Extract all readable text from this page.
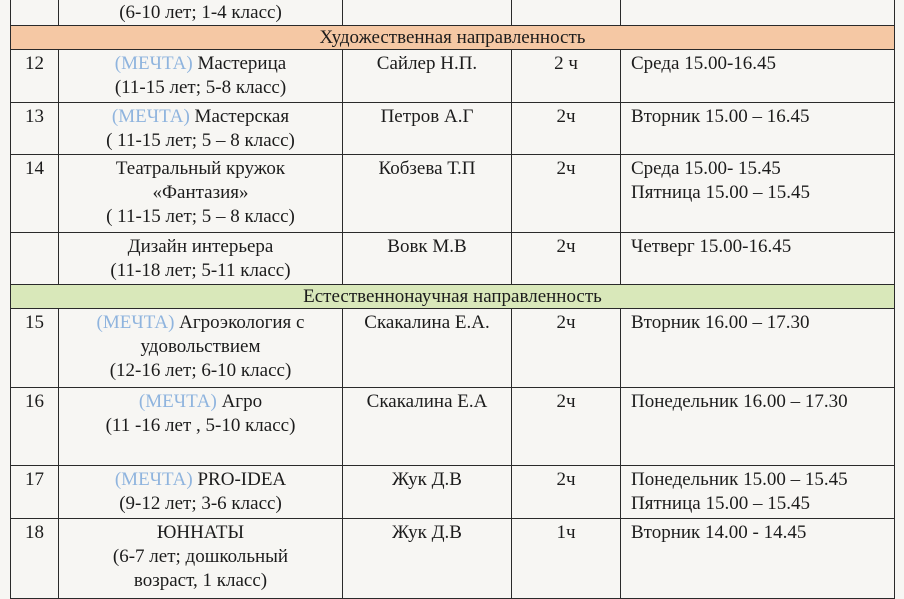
	(6-10 лет; 1-4 класс)			

Художественная направленность				
12	(МЕЧТА) Мастерица
(11-15 лет; 5-8 класс)	Сайлер Н.П.	2 ч	Среда 15.00-16.45

13	(МЕЧТА) Мастерская
( 11-15 лет; 5 – 8 класс)	Петров А.Г	2ч	Вторник 15.00 – 16.45

14	Театральный кружок
«Фантазия»
( 11-15 лет; 5 – 8 класс)	Кобзева Т.П	2ч	Среда 15.00- 15.45
Пятница 15.00 – 15.45

	Дизайн интерьера
(11-18 лет; 5-11 класс)	Вовк М.В	2ч	Четверг 15.00-16.45

Естественнонаучная направленность				
15	(МЕЧТА) Агроэкология с
удовольствием
(12-16 лет; 6-10 класс)	Скакалина Е.А.	2ч	Вторник 16.00 – 17.30

16	(МЕЧТА) Агро
(11 -16 лет , 5-10 класс)	Скакалина Е.А	2ч	Понедельник 16.00 – 17.30

17	(МЕЧТА) PRO-IDEA
(9-12 лет; 3-6 класс)	Жук Д.В	2ч	Понедельник 15.00 – 15.45
Пятница 15.00 – 15.45

18	ЮННАТЫ
(6-7 лет; дошкольный
возраст, 1 класс)	Жук Д.В	1ч	Вторник 14.00 - 14.45
